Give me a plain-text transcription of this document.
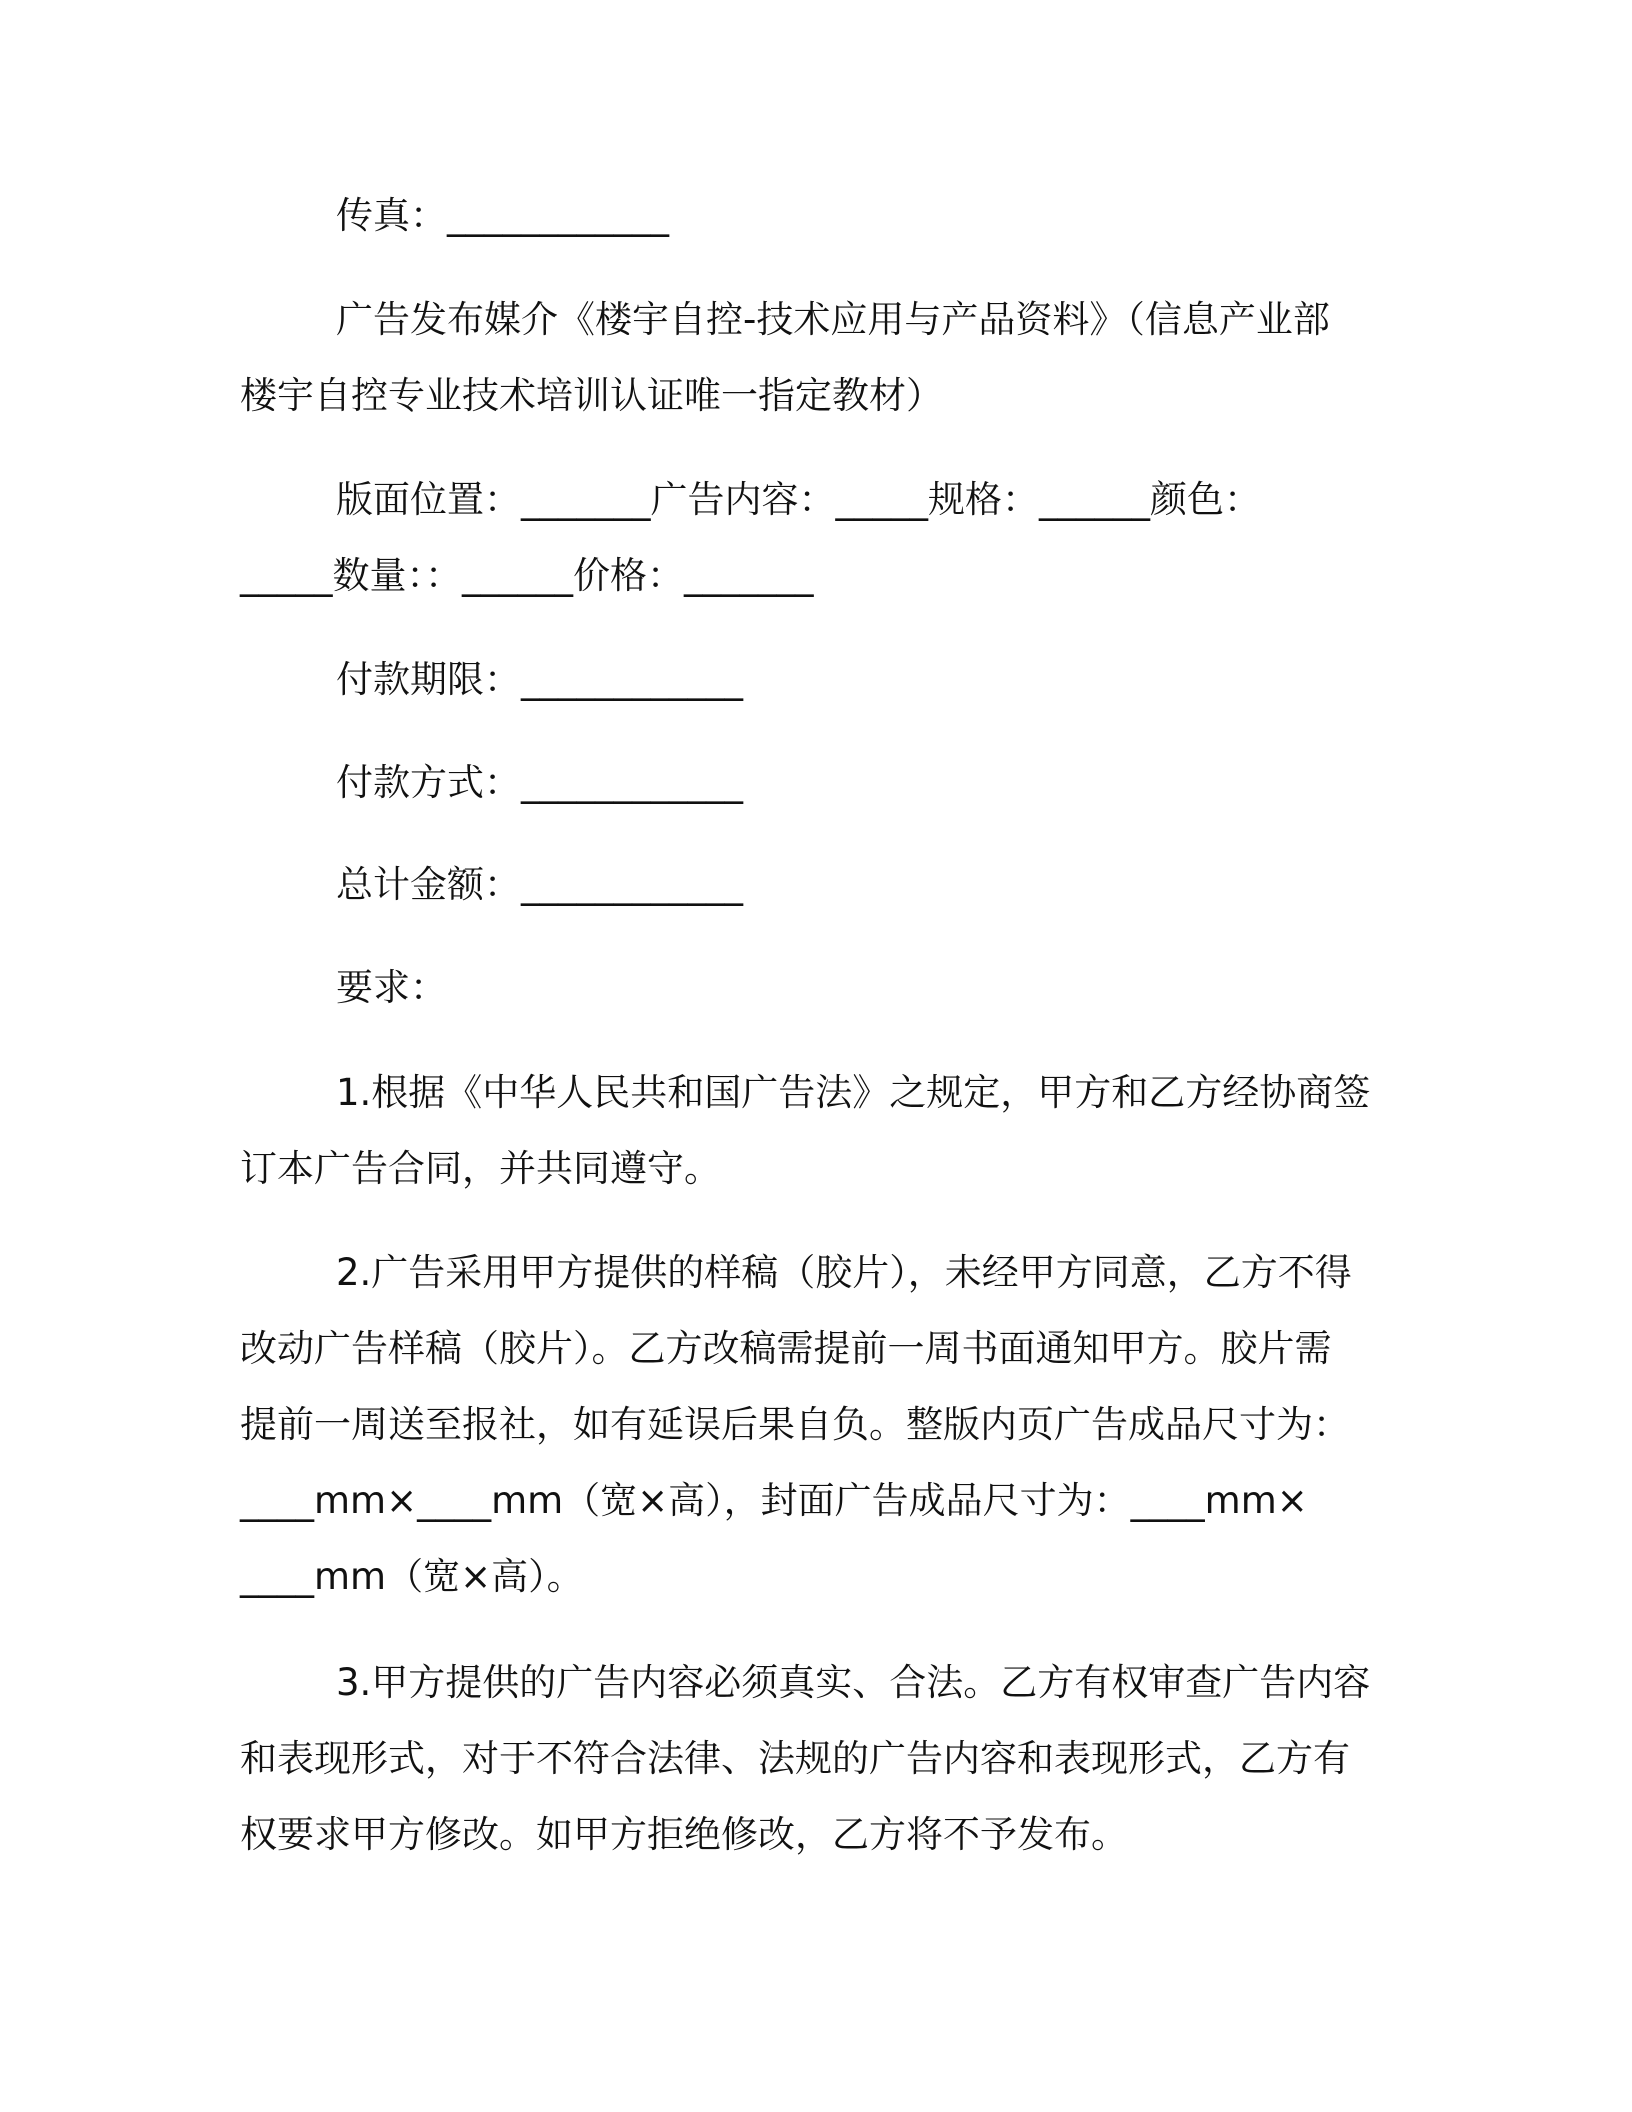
传真：____________

广告发布媒介《楼宇自控-技术应用与产品资料》（信息产业部
楼宇自控专业技术培训认证唯一指定教材）

版面位置：_______广告内容：_____规格：______颜色：
_____数量：：______价格：_______

付款期限：____________

付款方式：____________

总计金额：____________

要求：

1.根据《中华人民共和国广告法》之规定，甲方和乙方经协商签
订本广告合同，并共同遵守。

2.广告采用甲方提供的样稿（胶片），未经甲方同意，乙方不得
改动广告样稿（胶片）。乙方改稿需提前一周书面通知甲方。胶片需
提前一周送至报社，如有延误后果自负。整版内页广告成品尺寸为：
____mm×____mm（宽×高），封面广告成品尺寸为：____mm×
____mm（宽×高）。

3.甲方提供的广告内容必须真实、合法。乙方有权审查广告内容
和表现形式，对于不符合法律、法规的广告内容和表现形式，乙方有
权要求甲方修改。如甲方拒绝修改，乙方将不予发布。
